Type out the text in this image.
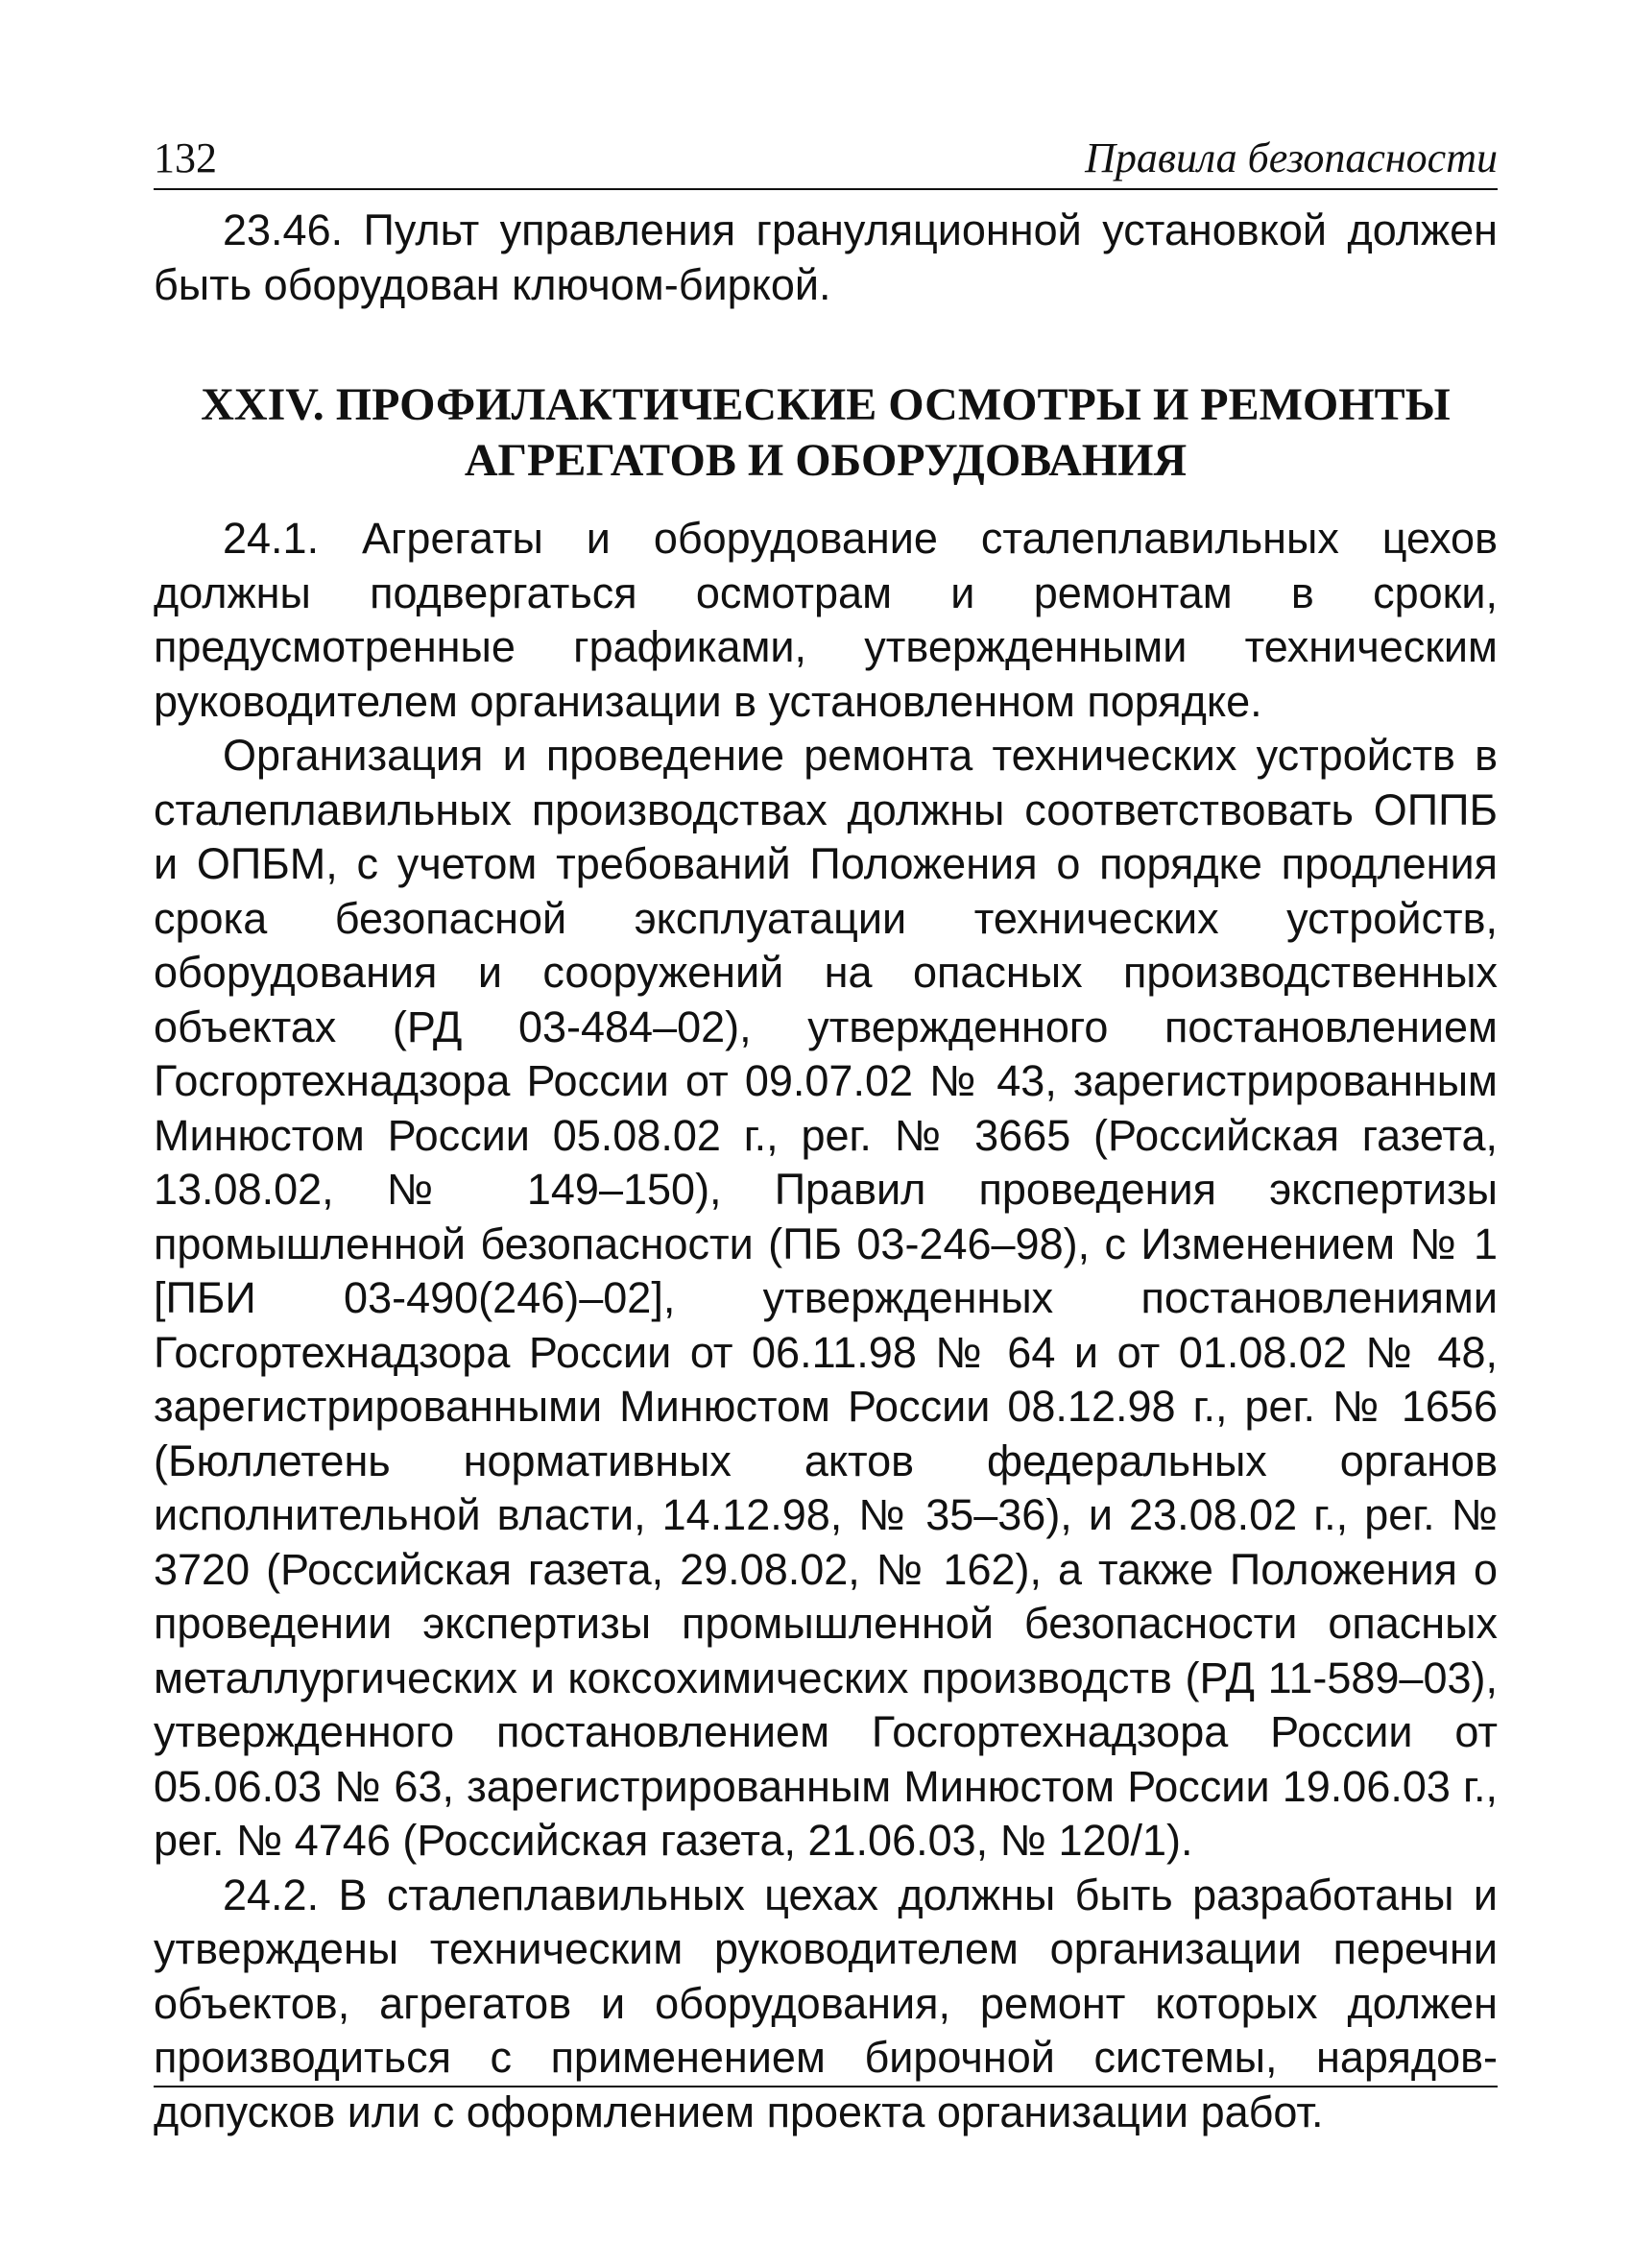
132	Правила безопасности

23.46. Пульт управления грануляционной установкой должен быть оборудован ключом-биркой.

XXIV. ПРОФИЛАКТИЧЕСКИЕ ОСМОТРЫ И РЕМОНТЫ
АГРЕГАТОВ И ОБОРУДОВАНИЯ

24.1. Агрегаты и оборудование сталеплавильных цехов должны подвергаться осмотрам и ремонтам в сроки, предусмотренные графиками, утвержденными техническим руководителем организации в установленном порядке.

Организация и проведение ремонта технических устройств в сталеплавильных производствах должны соответствовать ОППБ и ОПБМ, с учетом требований Положения о порядке продления срока безопасной эксплуатации технических устройств, оборудования и сооружений на опасных производственных объектах (РД 03-484–02), утвержденного постановлением Госгортехнадзора России от 09.07.02 № 43, зарегистрированным Минюстом России 05.08.02 г., рег. № 3665 (Российская газета, 13.08.02, № 149–150), Правил проведения экспертизы промышленной безопасности (ПБ 03-246–98), с Изменением № 1 [ПБИ 03-490(246)–02], утвержденных постановлениями Госгортехнадзора России от 06.11.98 № 64 и от 01.08.02 № 48, зарегистрированными Минюстом России 08.12.98 г., рег. № 1656 (Бюллетень нормативных актов федеральных органов исполнительной власти, 14.12.98, № 35–36), и 23.08.02 г., рег. № 3720 (Российская газета, 29.08.02, № 162), а также Положения о проведении экспертизы промышленной безопасности опасных металлургических и коксохимических производств (РД 11-589–03), утвержденного постановлением Госгортехнадзора России от 05.06.03 № 63, зарегистрированным Минюстом России 19.06.03 г., рег. № 4746 (Российская газета, 21.06.03, № 120/1).

24.2. В сталеплавильных цехах должны быть разработаны и утверждены техническим руководителем организации перечни объектов, агрегатов и оборудования, ремонт которых должен производиться с применением бирочной системы, нарядов-допусков или с оформлением проекта организации работ.
